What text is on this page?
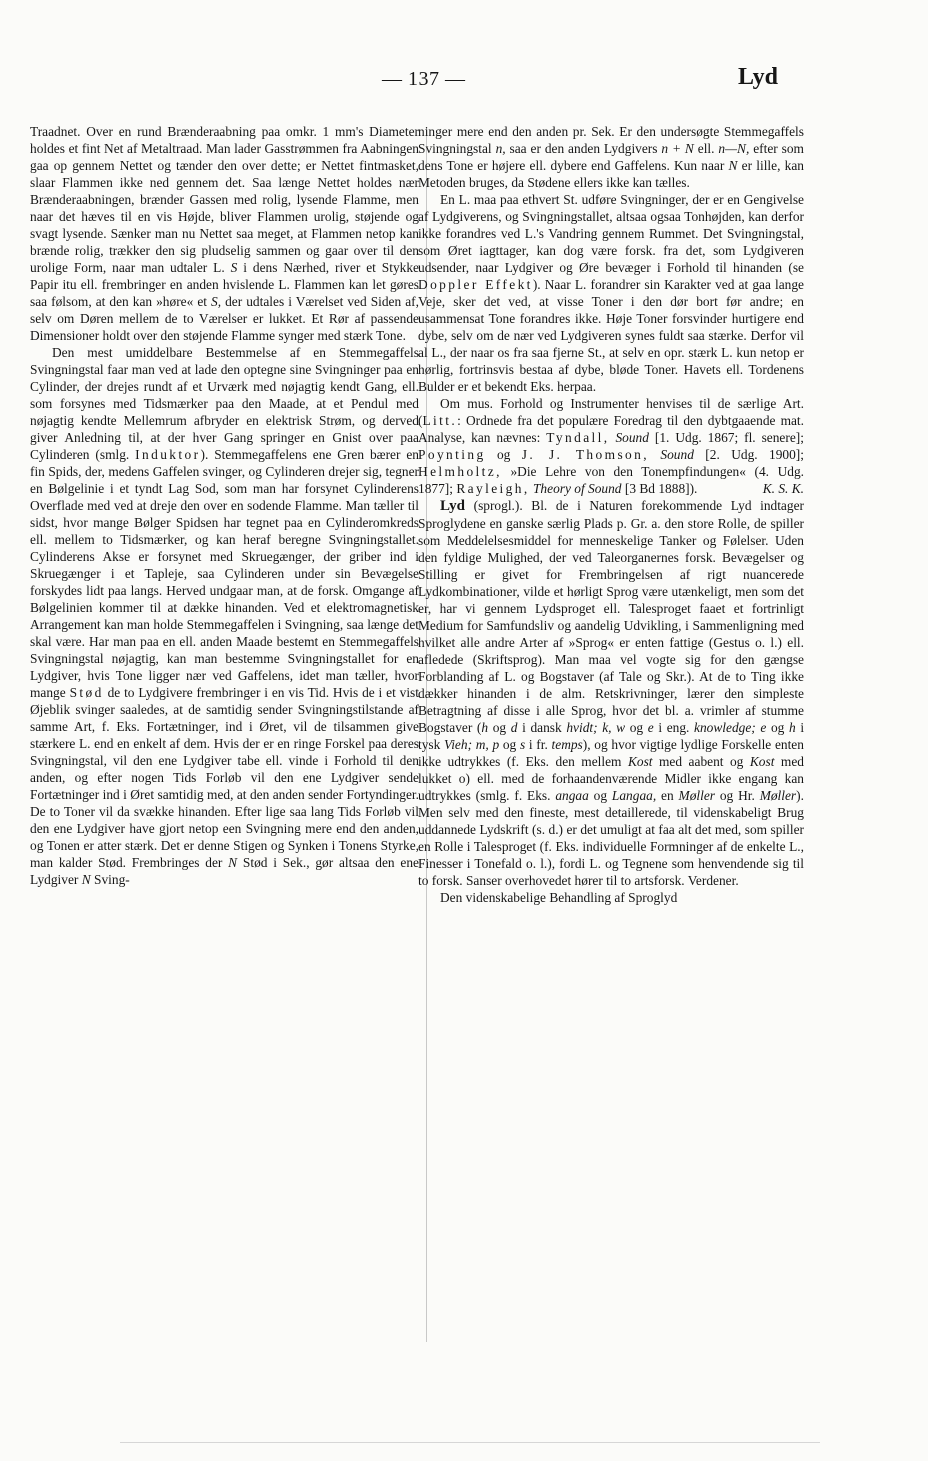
— 137 —	Lyd

Traadnet. Over en rund Brænderaabning paa omkr. 1 mm's Diameter holdes et fint Net af Metaltraad. Man lader Gasstrømmen fra Aabningen gaa op gennem Nettet og tænder den over dette; er Nettet fintmasket, slaar Flammen ikke ned gennem det. Saa længe Nettet holdes nær Brænderaabningen, brænder Gassen med rolig, lysende Flamme, men naar det hæves til en vis Højde, bliver Flammen urolig, støjende og svagt lysende. Sænker man nu Nettet saa meget, at Flammen netop kan brænde rolig, trækker den sig pludselig sammen og gaar over til den urolige Form, naar man udtaler L. S i dens Nærhed, river et Stykke Papir itu ell. frembringer en anden hvislende L. Flammen kan let gøres saa følsom, at den kan »høre« et S, der udtales i Værelset ved Siden af, selv om Døren mellem de to Værelser er lukket. Et Rør af passende Dimensioner holdt over den støjende Flamme synger med stærk Tone.

Den mest umiddelbare Bestemmelse af en Stemmegaffels Svingningstal faar man ved at lade den optegne sine Svingninger paa en Cylinder, der drejes rundt af et Urværk med nøjagtig kendt Gang, ell. som forsynes med Tidsmærker paa den Maade, at et Pendul med nøjagtig kendte Mellemrum afbryder en elektrisk Strøm, og derved giver Anledning til, at der hver Gang springer en Gnist over paa Cylinderen (smlg. Induktor). Stemmegaffelens ene Gren bærer en fin Spids, der, medens Gaffelen svinger, og Cylinderen drejer sig, tegner en Bølgelinie i et tyndt Lag Sod, som man har forsynet Cylinderens Overflade med ved at dreje den over en sodende Flamme. Man tæller til sidst, hvor mange Bølger Spidsen har tegnet paa en Cylinderomkreds ell. mellem to Tidsmærker, og kan heraf beregne Svingningstallet. Cylinderens Akse er forsynet med Skruegænger, der griber ind i Skruegænger i et Tapleje, saa Cylinderen under sin Bevægelse forskydes lidt paa langs. Herved undgaar man, at de forsk. Omgange af Bølgelinien kommer til at dække hinanden. Ved et elektromagnetisk Arrangement kan man holde Stemmegaffelen i Svingning, saa længe det skal være. Har man paa en ell. anden Maade bestemt en Stemmegaffels Svingningstal nøjagtig, kan man bestemme Svingningstallet for en Lydgiver, hvis Tone ligger nær ved Gaffelens, idet man tæller, hvor mange Stød de to Lydgivere frembringer i en vis Tid. Hvis de i et vist Øjeblik svinger saaledes, at de samtidig sender Svingningstilstande af samme Art, f. Eks. Fortætninger, ind i Øret, vil de tilsammen give stærkere L. end en enkelt af dem. Hvis der er en ringe Forskel paa deres Svingningstal, vil den ene Lydgiver tabe ell. vinde i Forhold til den anden, og efter nogen Tids Forløb vil den ene Lydgiver sende Fortætninger ind i Øret samtidig med, at den anden sender Fortyndinger. De to Toner vil da svække hinanden. Efter lige saa lang Tids Forløb vil den ene Lydgiver have gjort netop een Svingning mere end den anden, og Tonen er atter stærk. Det er denne Stigen og Synken i Tonens Styrke, man kalder Stød. Frembringes der N Stød i Sek., gør altsaa den ene Lydgiver N Sving-

ninger mere end den anden pr. Sek. Er den undersøgte Stemmegaffels Svingningstal n, saa er den anden Lydgivers n + N ell. n—N, efter som dens Tone er højere ell. dybere end Gaffelens. Kun naar N er lille, kan Metoden bruges, da Stødene ellers ikke kan tælles.

En L. maa paa ethvert St. udføre Svingninger, der er en Gengivelse af Lydgiverens, og Svingningstallet, altsaa ogsaa Tonhøjden, kan derfor ikke forandres ved L.'s Vandring gennem Rummet. Det Svingningstal, som Øret iagttager, kan dog være forsk. fra det, som Lydgiveren udsender, naar Lydgiver og Øre bevæger i Forhold til hinanden (se Doppler Effekt). Naar L. forandrer sin Karakter ved at gaa lange Veje, sker det ved, at visse Toner i den dør bort før andre; en usammensat Tone forandres ikke. Høje Toner forsvinder hurtigere end dybe, selv om de nær ved Lydgiveren synes fuldt saa stærke. Derfor vil al L., der naar os fra saa fjerne St., at selv en opr. stærk L. kun netop er hørlig, fortrinsvis bestaa af dybe, bløde Toner. Havets ell. Tordenens Bulder er et bekendt Eks. herpaa.

Om mus. Forhold og Instrumenter henvises til de særlige Art. (Litt.: Ordnede fra det populære Foredrag til den dybtgaaende mat. Analyse, kan nævnes: Tyndall, Sound [1. Udg. 1867; fl. senere]; Poynting og J. J. Thomson, Sound [2. Udg. 1900]; Helmholtz, »Die Lehre von den Tonempfindungen« (4. Udg. 1877]; Rayleigh, Theory of Sound [3 Bd 1888]).	K. S. K.

Lyd (sprogl.). Bl. de i Naturen forekommende Lyd indtager Sproglydene en ganske særlig Plads p. Gr. a. den store Rolle, de spiller som Meddelelsesmiddel for menneskelige Tanker og Følelser. Uden den fyldige Mulighed, der ved Taleorganernes forsk. Bevægelser og Stilling er givet for Frembringelsen af rigt nuancerede Lydkombinationer, vilde et hørligt Sprog være utænkeligt, men som det er, har vi gennem Lydsproget ell. Talesproget faaet et fortrinligt Medium for Samfundsliv og aandelig Udvikling, i Sammenligning med hvilket alle andre Arter af »Sprog« er enten fattige (Gestus o. l.) ell. afledede (Skriftsprog). Man maa vel vogte sig for den gængse Forblanding af L. og Bogstaver (af Tale og Skr.). At de to Ting ikke dækker hinanden i de alm. Retskrivninger, lærer den simpleste Betragtning af disse i alle Sprog, hvor det bl. a. vrimler af stumme Bogstaver (h og d i dansk hvidt; k, w og e i eng. knowledge; e og h i tysk Vieh; m, p og s i fr. temps), og hvor vigtige lydlige Forskelle enten ikke udtrykkes (f. Eks. den mellem Kost med aabent og Kost med lukket o) ell. med de forhaandenværende Midler ikke engang kan udtrykkes (smlg. f. Eks. angaa og Langaa, en Møller og Hr. Møller). Men selv med den fineste, mest detaillerede, til videnskabeligt Brug uddannede Lydskrift (s. d.) er det umuligt at faa alt det med, som spiller en Rolle i Talesproget (f. Eks. individuelle Formninger af de enkelte L., Finesser i Tonefald o. l.), fordi L. og Tegnene som henvendende sig til to forsk. Sanser overhovedet hører til to artsforsk. Verdener.

Den videnskabelige Behandling af Sproglyd
